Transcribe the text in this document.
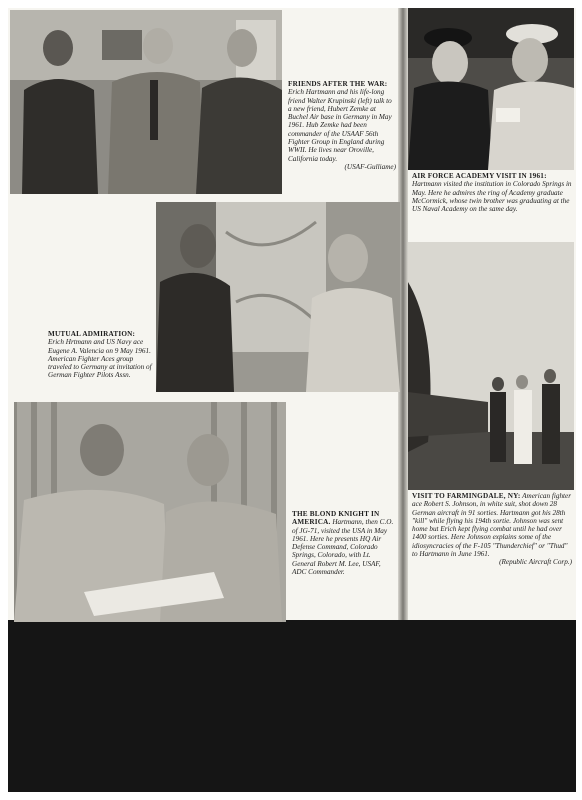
FRIENDS AFTER THE WAR: Erich Hartmann and his life-long friend Walter Krupinski (left) talk to a new friend, Hubert Zemke at Buchel Air base in Germany in May 1961. Hub Zemke had been commander of the USAAF 56th Fighter Group in England during WWII. He lives near Oroville, California today.
(USAF-Gulliame)

AIR FORCE ACADEMY VISIT IN 1961: Hartmann visited the institution in Colorado Springs in May. Here he admires the ring of Academy graduate McCormick, whose twin brother was graduating at the US Naval Academy on the same day.

MUTUAL ADMIRATION: Erich Hrtmann and US Navy ace Eugene A. Valencia on 9 May 1961. American Fighter Aces group traveled to Germany at invitation of German Fighter Pilots Assn.

THE BLOND KNIGHT IN AMERICA. Hartmann, then C.O. of JG-71, visited the USA in May 1961. Here he presents HQ Air Defense Command, Colorado Springs, Colorado, with Lt. General Robert M. Lee, USAF, ADC Commander.

VISIT TO FARMINGDALE, NY: American fighter ace Robert S. Johnson, in white suit, shot down 28 German aircraft in 91 sorties. Hartmann got his 28th "kill" while flying his 194th sortie. Johnson was sent home but Erich kept flying combat until he had over 1400 sorties. Here Johnson explains some of the idiosyncracies of the F-105 "Thunderchief" or "Thud" to Hartmann in June 1961.
(Republic Aircraft Corp.)
